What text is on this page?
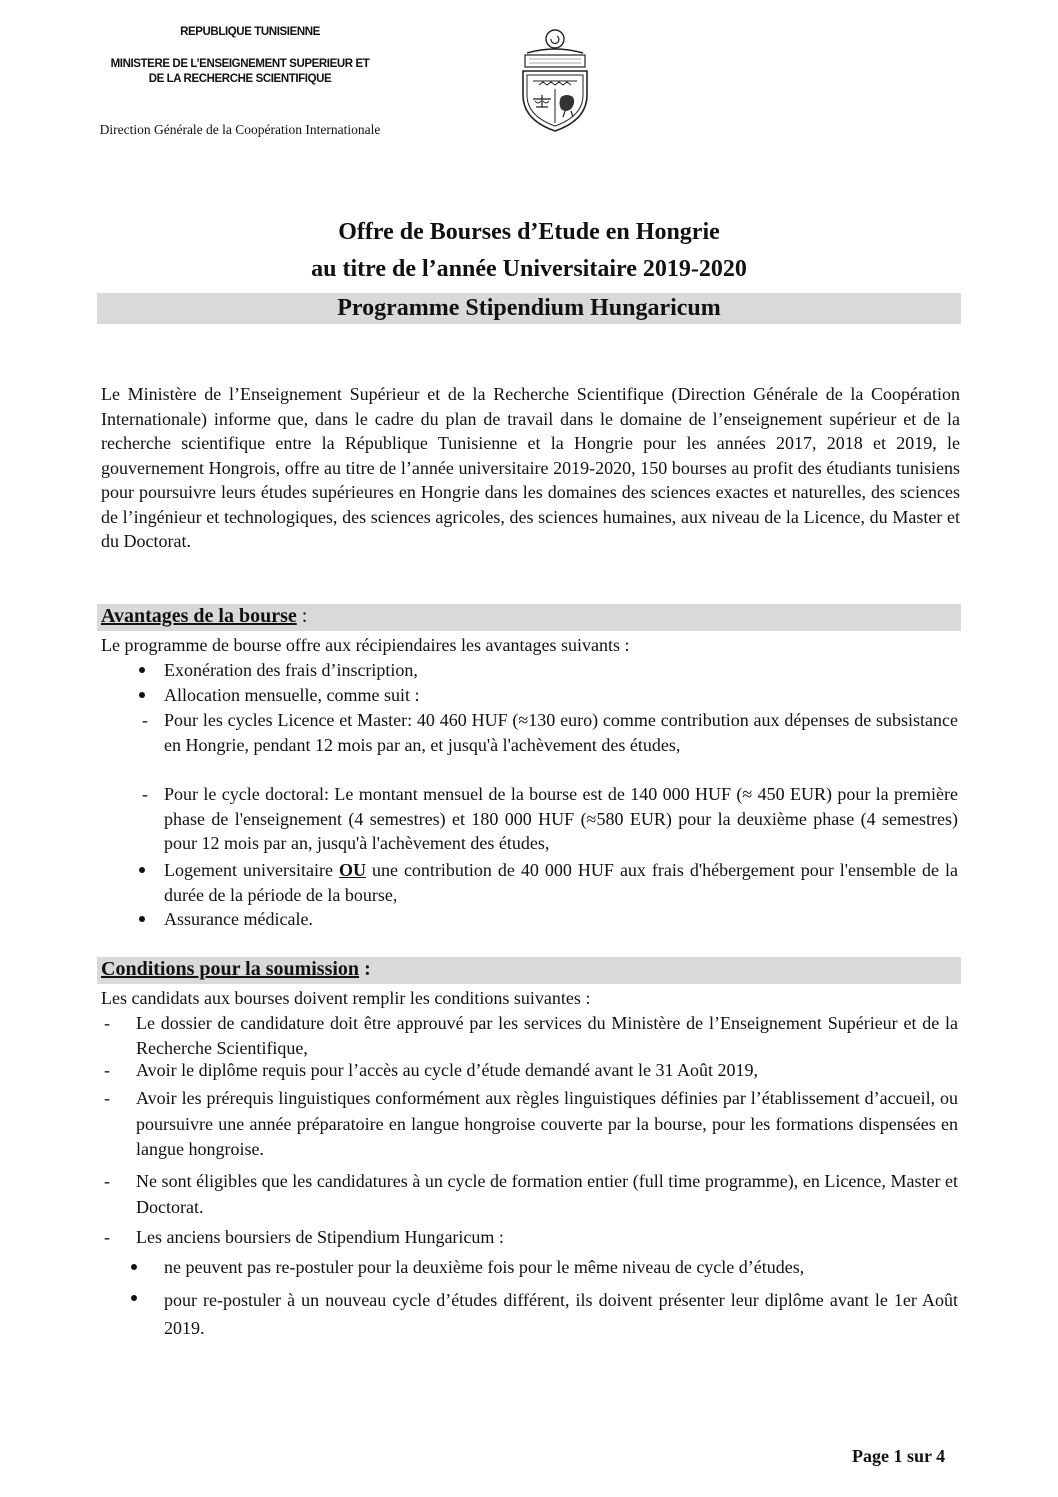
REPUBLIQUE TUNISIENNE
MINISTERE DE L’ENSEIGNEMENT SUPERIEUR ET
DE LA RECHERCHE SCIENTIFIQUE
Direction Générale de la Coopération Internationale
Offre de Bourses d’Etude en Hongrie
au titre de l’année Universitaire 2019-2020
Programme Stipendium Hungaricum
Le Ministère de l’Enseignement Supérieur et de la Recherche Scientifique (Direction Générale de la Coopération Internationale) informe que, dans le cadre du plan de travail dans le domaine de l’enseignement supérieur et de la recherche scientifique entre la République Tunisienne et la Hongrie pour les années 2017, 2018 et 2019, le gouvernement Hongrois, offre au titre de l’année universitaire 2019-2020, 150 bourses au profit des étudiants tunisiens pour poursuivre leurs études supérieures en Hongrie dans les domaines des sciences exactes et naturelles, des sciences de l’ingénieur et technologiques, des sciences agricoles, des sciences humaines, aux niveau de la Licence, du Master et du Doctorat.
Avantages de la bourse :
Le programme de bourse offre aux récipiendaires les avantages suivants :
Exonération des frais d’inscription,
Allocation mensuelle, comme suit :
- Pour les cycles Licence et Master: 40 460 HUF (≈130 euro) comme contribution aux dépenses de subsistance en Hongrie, pendant 12 mois par an, et jusqu'à l'achèvement des études,
- Pour le cycle doctoral: Le montant mensuel de la bourse est de 140 000 HUF (≈ 450 EUR) pour la première phase de l'enseignement (4 semestres) et 180 000 HUF (≈580 EUR) pour la deuxième phase (4 semestres) pour 12 mois par an, jusqu'à l'achèvement des études,
Logement universitaire OU une contribution de 40 000 HUF aux frais d'hébergement pour l'ensemble de la durée de la période de la bourse,
Assurance médicale.
Conditions pour la soumission :
Les candidats aux bourses doivent remplir les conditions suivantes :
- Le dossier de candidature doit être approuvé par les services du Ministère de l’Enseignement Supérieur et de la Recherche Scientifique,
- Avoir le diplôme requis pour l’accès au cycle d’étude demandé avant le 31 Août 2019,
- Avoir les prérequis linguistiques conformément aux règles linguistiques définies par l’établissement d’accueil, ou poursuivre une année préparatoire en langue hongroise couverte par la bourse, pour les formations dispensées en langue hongroise.
- Ne sont éligibles que les candidatures à un cycle de formation entier (full time programme), en Licence, Master et Doctorat.
- Les anciens boursiers de Stipendium Hungaricum :
ne peuvent pas re-postuler pour la deuxième fois pour le même niveau de cycle d’études,
pour re-postuler à un nouveau cycle d’études différent, ils doivent présenter leur diplôme avant le 1er Août 2019.
Page 1 sur 4
